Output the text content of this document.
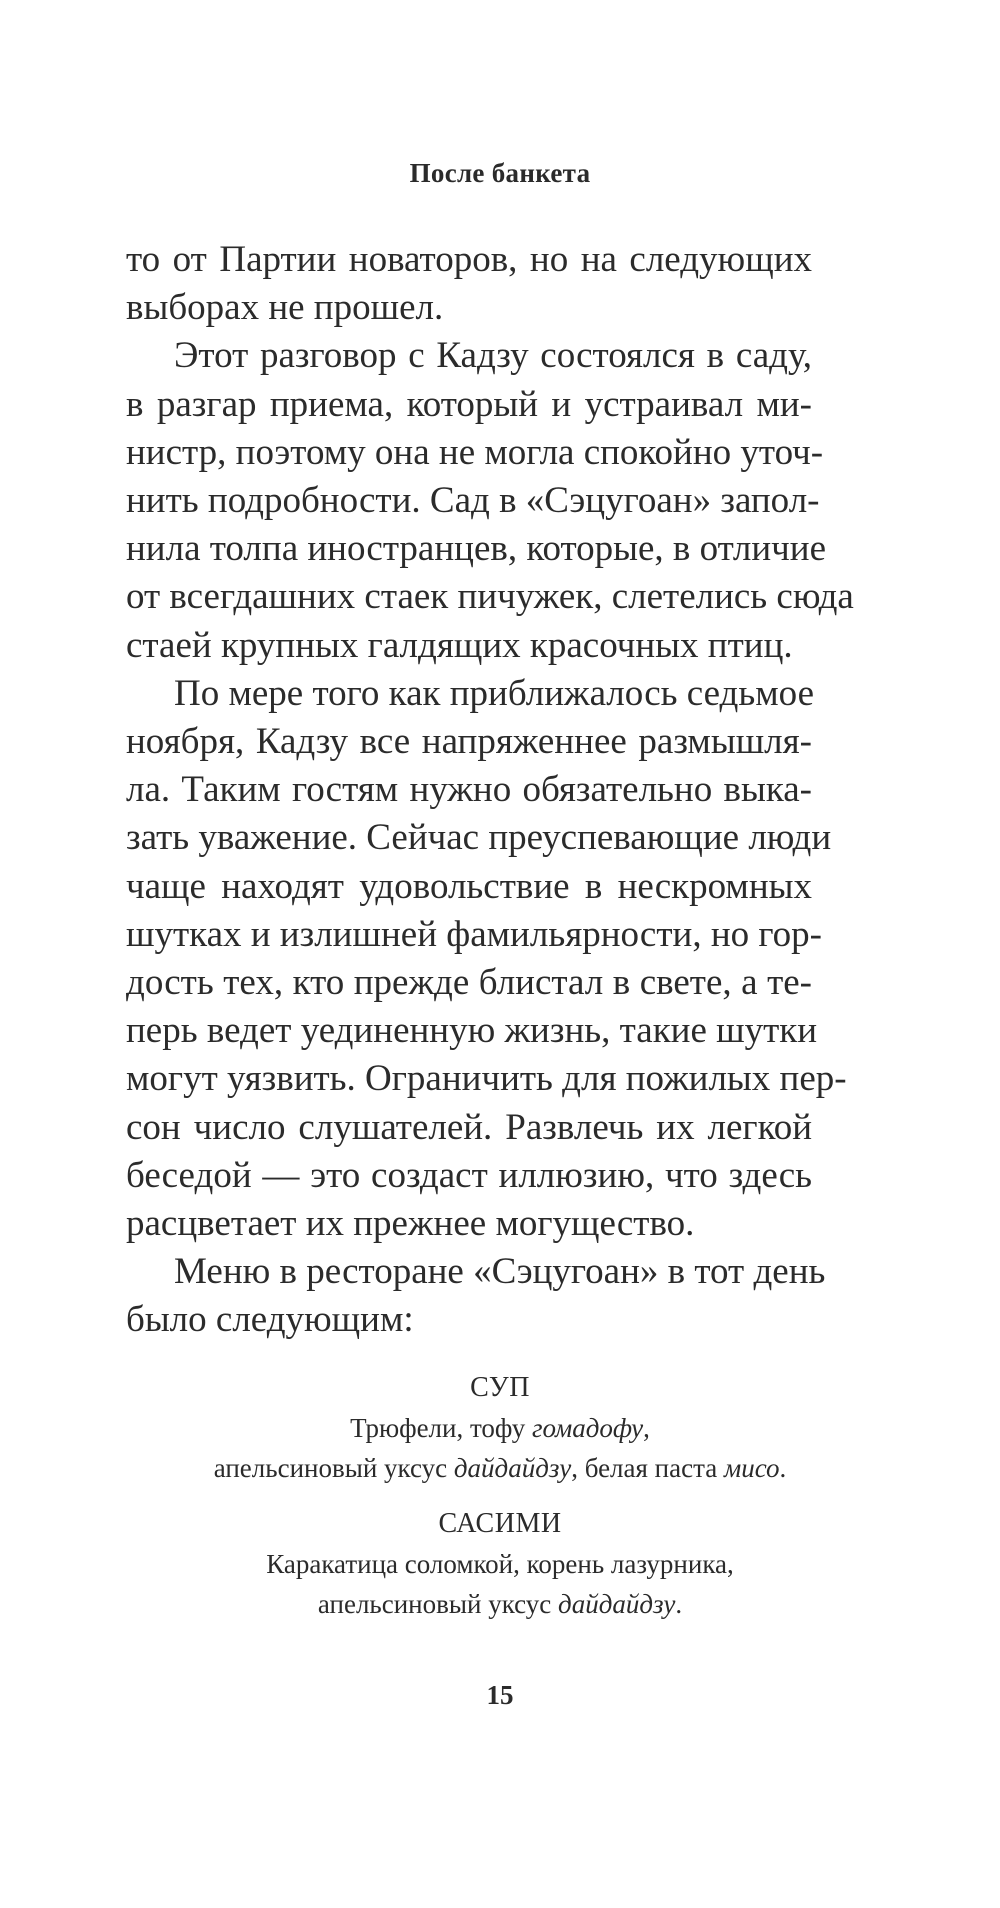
После банкета
то от Партии новаторов, но на следующих
выборах не прошел.
Этот разговор с Кадзу состоялся в саду,
в разгар приема, который и устраивал ми-
нистр, поэтому она не могла спокойно уточ-
нить подробности. Сад в «Сэцугоан» запол-
нила толпа иностранцев, которые, в отличие
от всегдашних стаек пичужек, слетелись сюда
стаей крупных галдящих красочных птиц.
По мере того как приближалось седьмое
ноября, Кадзу все напряженнее размышля-
ла. Таким гостям нужно обязательно выка-
зать уважение. Сейчас преуспевающие люди
чаще находят удовольствие в нескромных
шутках и излишней фамильярности, но гор-
дость тех, кто прежде блистал в свете, а те-
перь ведет уединенную жизнь, такие шутки
могут уязвить. Ограничить для пожилых пер-
сон число слушателей. Развлечь их легкой
беседой — это создаст иллюзию, что здесь
расцветает их прежнее могущество.
Меню в ресторане «Сэцугоан» в тот день
было следующим:
СУП
Трюфели, тофу гомадофу,
апельсиновый уксус дайдайдзу, белая паста мисо.
САСИМИ
Каракатица соломкой, корень лазурника,
апельсиновый уксус дайдайдзу.
15
